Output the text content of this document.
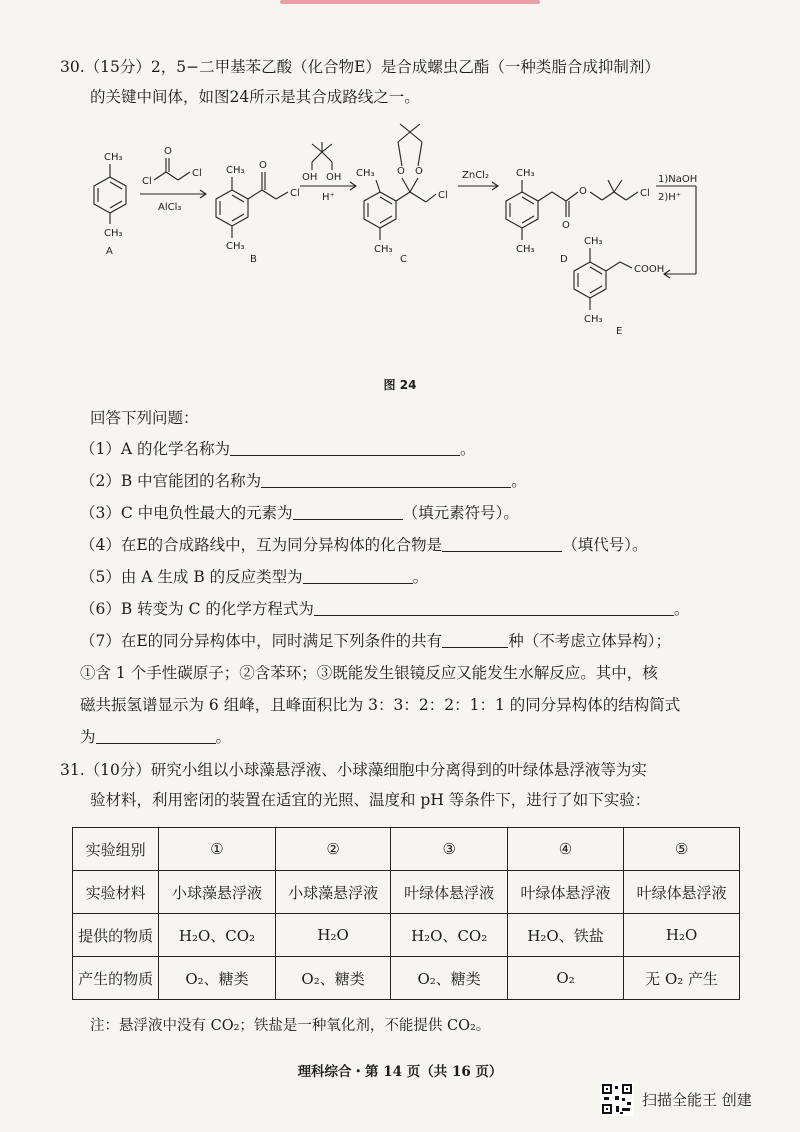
30.（15分）2，5−二甲基苯乙酸（化合物E）是合成螺虫乙酯（一种类脂合成抑制剂）

的关键中间体，如图24所示是其合成路线之一。

CH₃
CH₃
A
Cl
O
Cl
AlCl₃
CH₃ O
Cl
CH₃
B
OH OH
H⁺
CH₃ O O
Cl
CH₃
C
ZnCl₂	CH₃
O
O	Cl
CH₃
D
1)NaOH
2)H⁺
CH₃
COOH
CH₃
E
图 24

回答下列问题：

（1）A 的化学名称为	。

（2）B 中官能团的名称为	。

（3）C 中电负性最大的元素为	（填元素符号）。

（4）在E的合成路线中，互为同分异构体的化合物是	（填代号）。

（5）由 A 生成 B 的反应类型为	。

（6）B 转变为 C 的化学方程式为	。

（7）在E的同分异构体中，同时满足下列条件的共有	种（不考虑立体异构）；

①含 1 个手性碳原子；②含苯环；③既能发生银镜反应又能发生水解反应。其中，核

磁共振氢谱显示为 6 组峰，且峰面积比为 3：3：2：2：1：1 的同分异构体的结构简式

为	。

31.（10分）研究小组以小球藻悬浮液、小球藻细胞中分离得到的叶绿体悬浮液等为实

验材料，利用密闭的装置在适宜的光照、温度和 pH 等条件下，进行了如下实验：

实验组别	①	②	③	④	⑤
实验材料	小球藻悬浮液	小球藻悬浮液	叶绿体悬浮液	叶绿体悬浮液	叶绿体悬浮液
提供的物质	H₂O、CO₂	H₂O	H₂O、CO₂	H₂O、铁盐	H₂O
产生的物质	O₂、糖类	O₂、糖类	O₂、糖类	O₂	无 O₂ 产生

注：悬浮液中没有 CO₂；铁盐是一种氧化剂，不能提供 CO₂。

理科综合・第 14 页（共 16 页）
扫描全能王 创建
